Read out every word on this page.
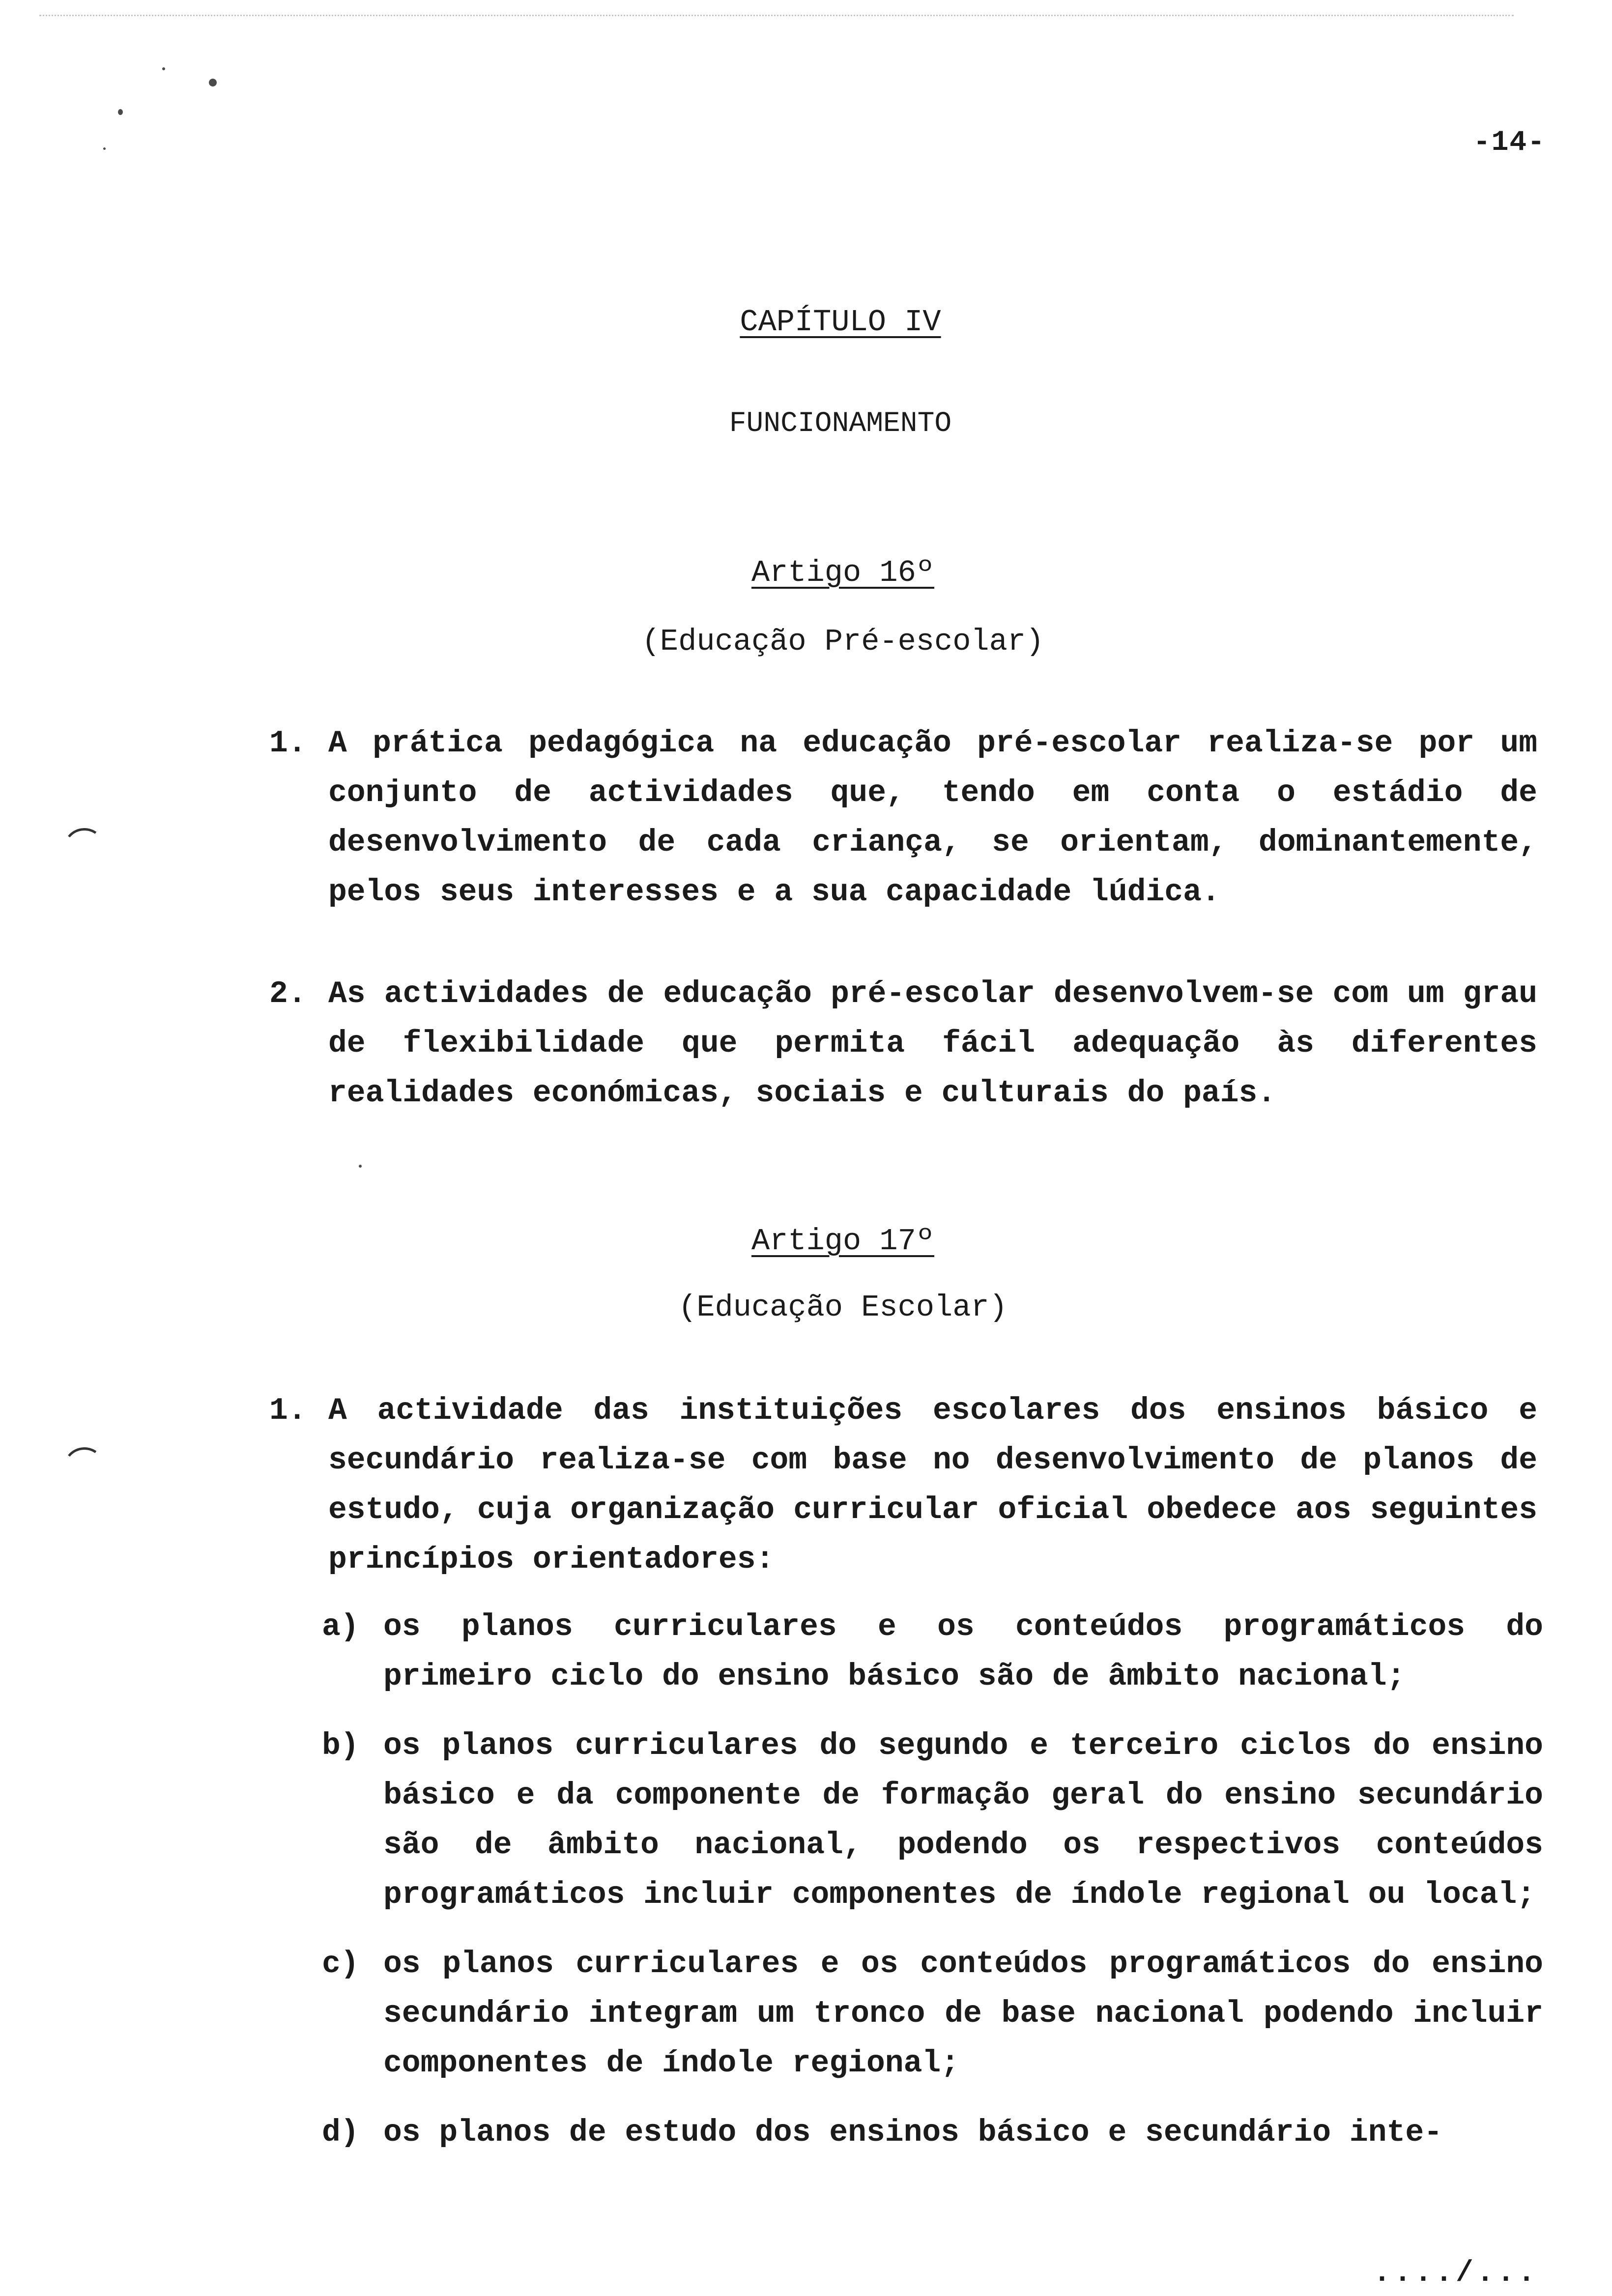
-14-
CAPÍTULO IV
FUNCIONAMENTO
Artigo 16º
(Educação Pré-escolar)
1. A prática pedagógica na educação pré-escolar realiza-se por um conjunto de actividades que, tendo em conta o estádio de desenvolvimento de cada criança, se orientam, dominantemente, pelos seus interesses e a sua capacidade lúdica.
2. As actividades de educação pré-escolar desenvolvem-se com um grau de flexibilidade que permita fácil adequação às diferentes realidades económicas, sociais e culturais do país.
Artigo 17º
(Educação Escolar)
1. A actividade das instituições escolares dos ensinos básico e secundário realiza-se com base no desenvolvimento de planos de estudo, cuja organização curricular oficial obedece aos seguintes princípios orientadores:
a) os planos curriculares e os conteúdos programáticos do primeiro ciclo do ensino básico são de âmbito nacional;
b) os planos curriculares do segundo e terceiro ciclos do ensino básico e da componente de formação geral do ensino secundário são de âmbito nacional, podendo os respectivos conteúdos programáticos incluir componentes de índole regional ou local;
c) os planos curriculares e os conteúdos programáticos do ensino secundário integram um tronco de base nacional podendo incluir componentes de índole regional;
d) os planos de estudo dos ensinos básico e secundário inte-
..../...
